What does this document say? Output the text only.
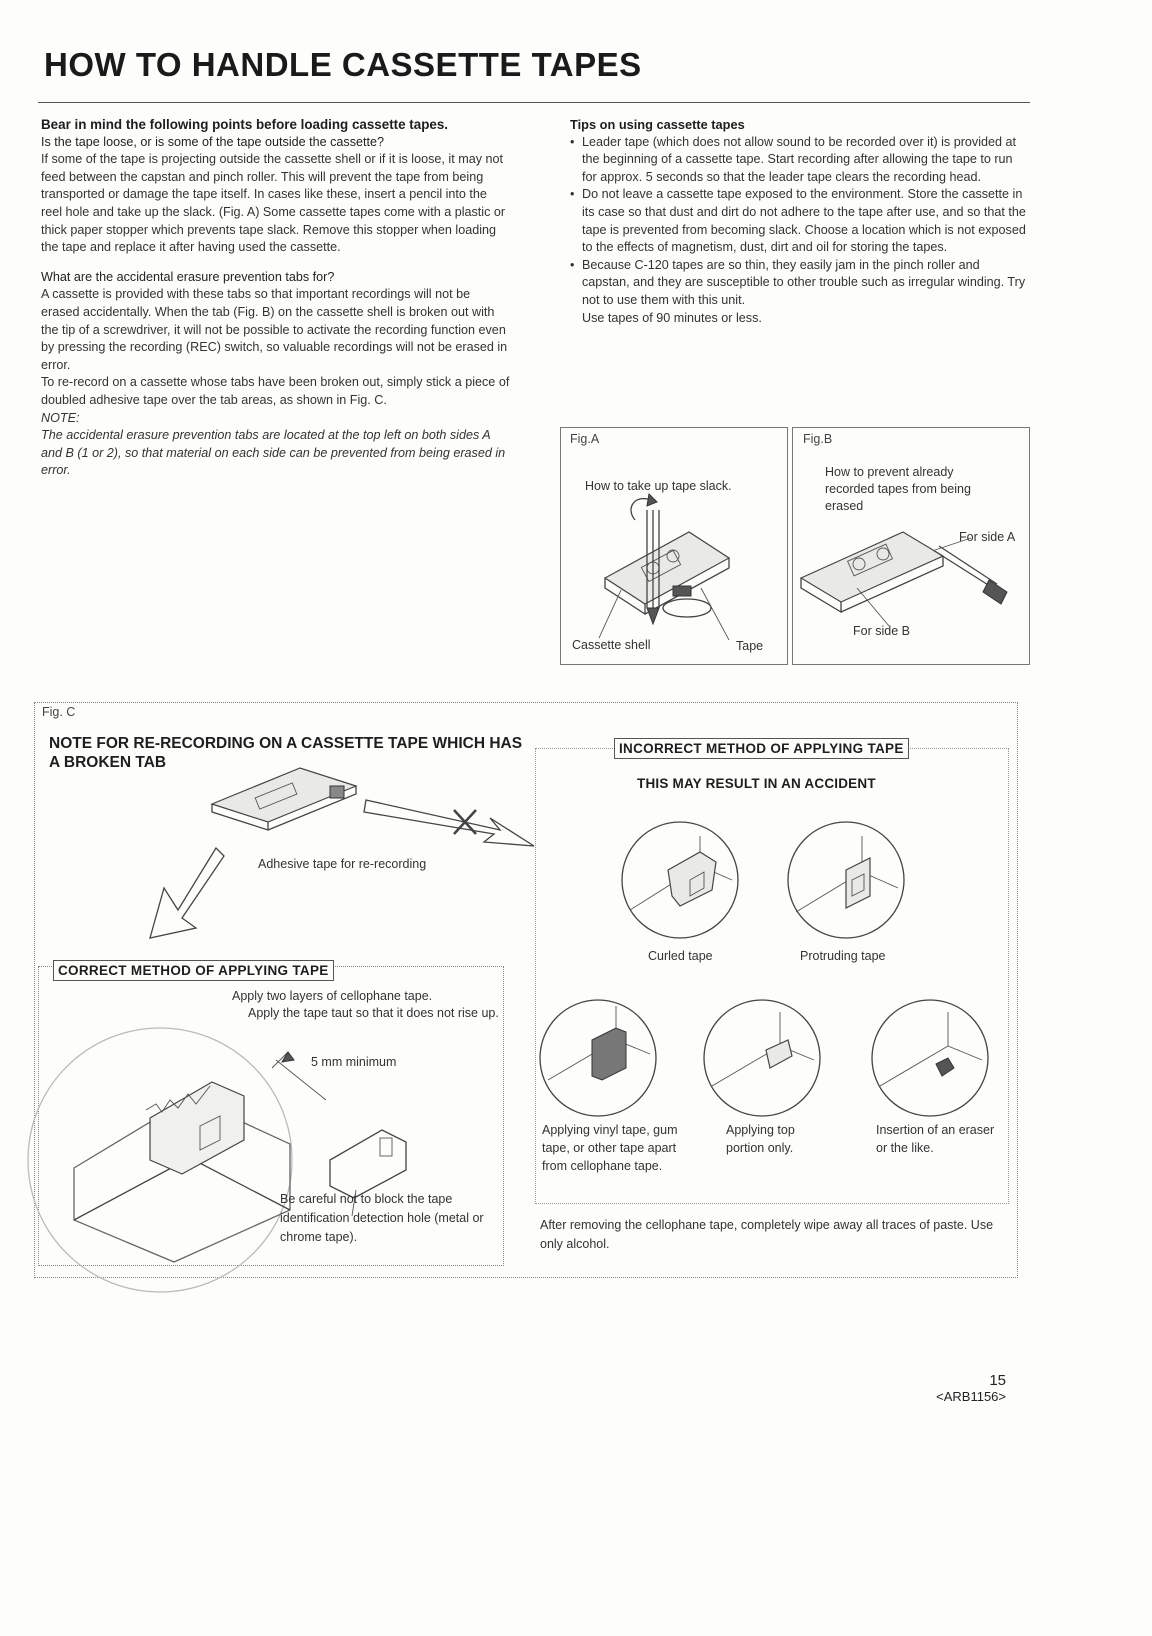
HOW TO HANDLE CASSETTE TAPES

Bear in mind the following points before loading cassette tapes.

Is the tape loose, or is some of the tape outside the cassette?

If some of the tape is projecting outside the cassette shell or if it is loose, it may not feed between the capstan and pinch roller. This will prevent the tape from being transported or damage the tape itself. In cases like these, insert a pencil into the reel hole and take up the slack. (Fig. A) Some cassette tapes come with a plastic or thick paper stopper which prevents tape slack. Remove this stopper when loading the tape and replace it after having used the cassette.

What are the accidental erasure prevention tabs for?

A cassette is provided with these tabs so that important recordings will not be erased accidentally. When the tab (Fig. B) on the cassette shell is broken out with the tip of a screwdriver, it will not be possible to activate the recording function even by pressing the recording (REC) switch, so valuable recordings will not be erased in error.

To re-record on a cassette whose tabs have been broken out, simply stick a piece of doubled adhesive tape over the tab areas, as shown in Fig. C.

NOTE:

The accidental erasure prevention tabs are located at the top left on both sides A and B (1 or 2), so that material on each side can be prevented from being erased in error.

Tips on using cassette tapes

• Leader tape (which does not allow sound to be recorded over it) is provided at the beginning of a cassette tape. Start recording after allowing the tape to run for approx. 5 seconds so that the leader tape clears the recording head.
• Do not leave a cassette tape exposed to the environment. Store the cassette in its case so that dust and dirt do not adhere to the tape after use, and so that the tape is prevented from becoming slack. Choose a location which is not exposed to the effects of magnetism, dust, dirt and oil for storing the tapes.
• Because C-120 tapes are so thin, they easily jam in the pinch roller and capstan, and they are susceptible to other trouble such as irregular winding. Try not to use them with this unit.

Use tapes of 90 minutes or less.

Fig.A
How to take up tape slack.
Cassette shell	Tape
Fig.B
How to prevent already recorded tapes from being erased
For side A
For side B
Fig. C
NOTE FOR RE-RECORDING ON A CASSETTE TAPE WHICH HAS A BROKEN TAB
Adhesive tape for re-recording
CORRECT METHOD OF APPLYING TAPE
Apply two layers of cellophane tape.
Apply the tape taut so that it does not rise up.
5 mm minimum
Be careful not to block the tape identification detection hole (metal or chrome tape).
INCORRECT METHOD OF APPLYING TAPE
THIS MAY RESULT IN AN ACCIDENT
Curled tape	Protruding tape
Applying vinyl tape, gum tape, or other tape apart from cellophane tape.
Applying top portion only.
Insertion of an eraser or the like.
After removing the cellophane tape, completely wipe away all traces of paste. Use only alcohol.
15
<ARB1156>
